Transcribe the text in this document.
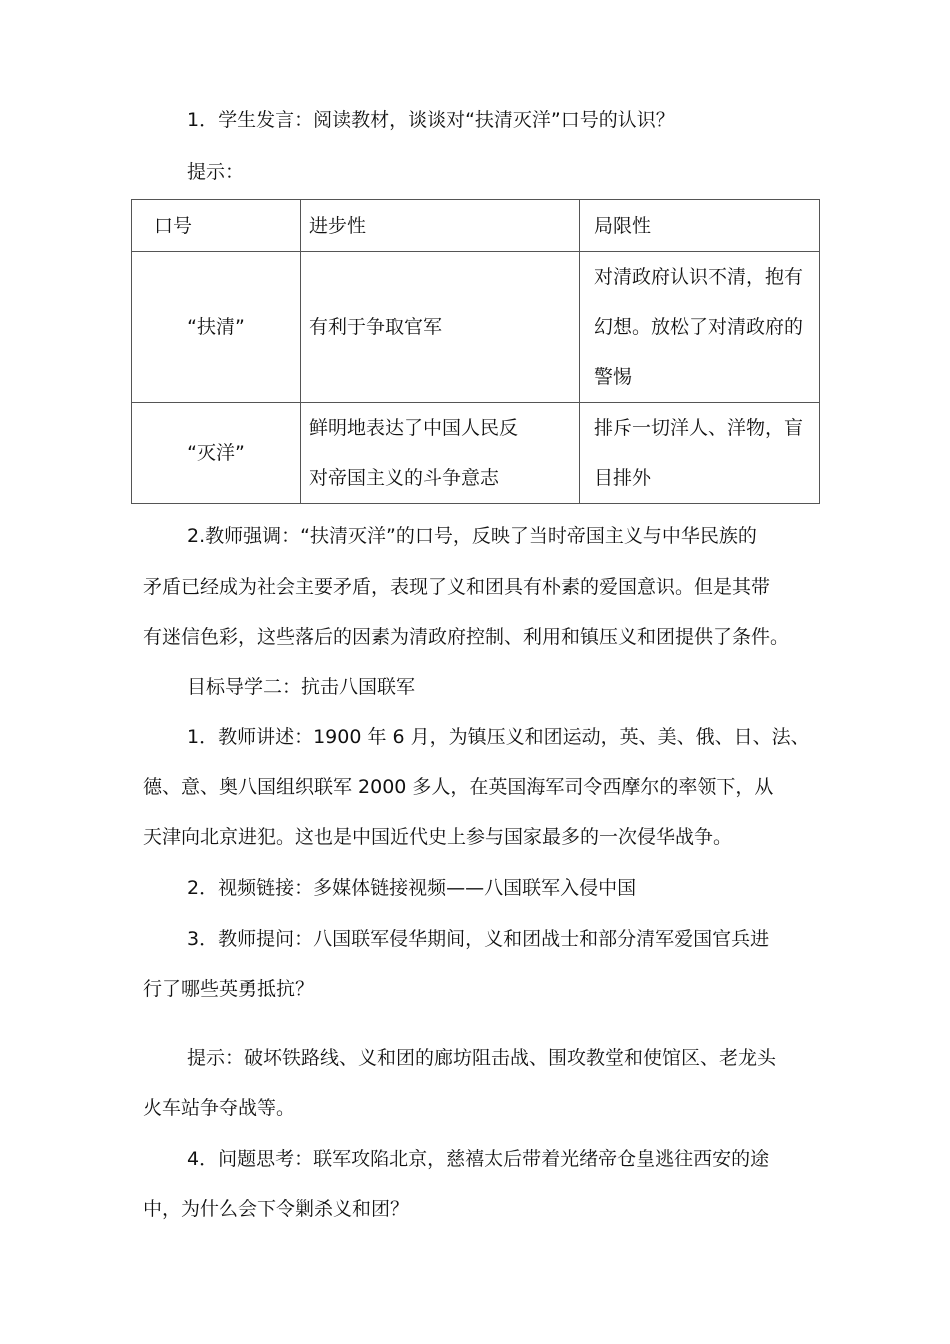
1．学生发言：阅读教材，谈谈对“扶清灭洋”口号的认识？
提示：
口号	进步性	局限性
“扶清”	有利于争取官军	对清政府认识不清，抱有
幻想。放松了对清政府的
警惕

“灭洋”	鲜明地表达了中国人民反
对帝国主义的斗争意志	排斥一切洋人、洋物，盲
目排外
2.教师强调：“扶清灭洋”的口号，反映了当时帝国主义与中华民族的
矛盾已经成为社会主要矛盾，表现了义和团具有朴素的爱国意识。但是其带
有迷信色彩，这些落后的因素为清政府控制、利用和镇压义和团提供了条件。
目标导学二：抗击八国联军
1．教师讲述：1900 年 6 月，为镇压义和团运动，英、美、俄、日、法、
德、意、奥八国组织联军 2000 多人，在英国海军司令西摩尔的率领下，从
天津向北京进犯。这也是中国近代史上参与国家最多的一次侵华战争。
2．视频链接：多媒体链接视频——八国联军入侵中国
3．教师提问：八国联军侵华期间，义和团战士和部分清军爱国官兵进
行了哪些英勇抵抗？
提示：破坏铁路线、义和团的廊坊阻击战、围攻教堂和使馆区、老龙头
火车站争夺战等。
4．问题思考：联军攻陷北京，慈禧太后带着光绪帝仓皇逃往西安的途
中，为什么会下令剿杀义和团？
